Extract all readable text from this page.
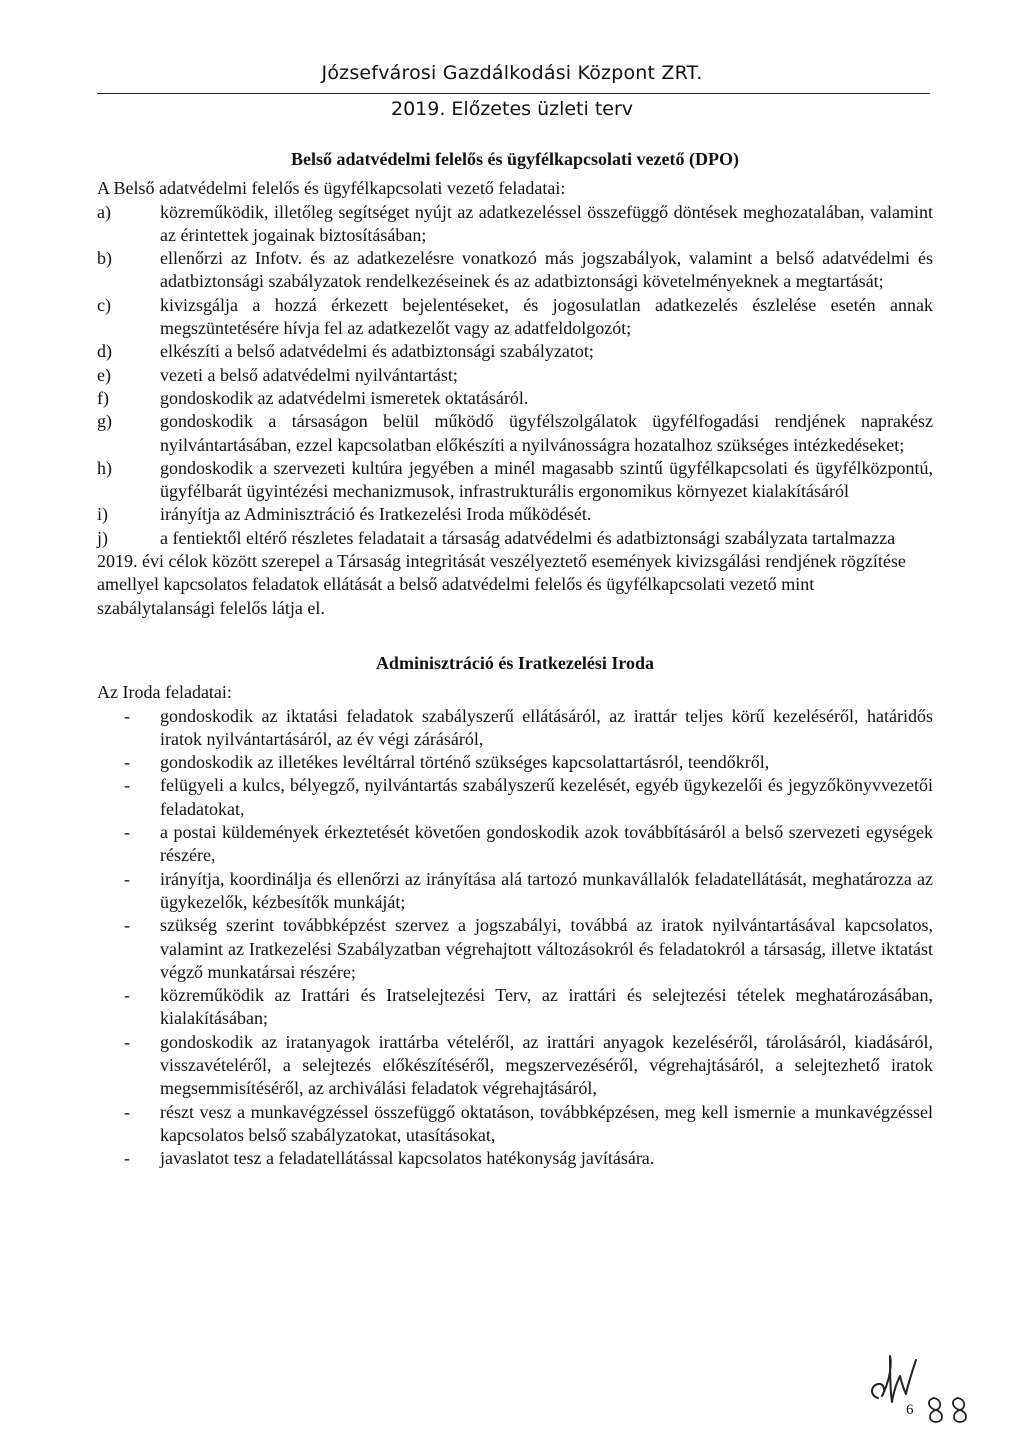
Józsefvárosi Gazdálkodási Központ ZRT.
2019. Előzetes üzleti terv
Belső adatvédelmi felelős és ügyfélkapcsolati vezető (DPO)

A Belső adatvédelmi felelős és ügyfélkapcsolati vezető feladatai:

a)	közreműködik, illetőleg segítséget nyújt az adatkezeléssel összefüggő döntések meghozatalában, valamint az érintettek jogainak biztosításában;
b)	ellenőrzi az Infotv. és az adatkezelésre vonatkozó más jogszabályok, valamint a belső adatvédelmi és adatbiztonsági szabályzatok rendelkezéseinek és az adatbiztonsági követelményeknek a megtartását;
c)	kivizsgálja a hozzá érkezett bejelentéseket, és jogosulatlan adatkezelés észlelése esetén annak megszüntetésére hívja fel az adatkezelőt vagy az adatfeldolgozót;
d)	elkészíti a belső adatvédelmi és adatbiztonsági szabályzatot;
e)	vezeti a belső adatvédelmi nyilvántartást;
f)	gondoskodik az adatvédelmi ismeretek oktatásáról.
g)	gondoskodik a társaságon belül működő ügyfélszolgálatok ügyfélfogadási rendjének naprakész nyilvántartásában, ezzel kapcsolatban előkészíti a nyilvánosságra hozatalhoz szükséges intézkedéseket;
h)	gondoskodik a szervezeti kultúra jegyében a minél magasabb szintű ügyfélkapcsolati és ügyfélközpontú, ügyfélbarát ügyintézési mechanizmusok, infrastrukturális ergonomikus környezet kialakításáról
i)	irányítja az Adminisztráció és Iratkezelési Iroda működését.
j)	a fentiektől eltérő részletes feladatait a társaság adatvédelmi és adatbiztonsági szabályzata tartalmazza

2019. évi célok között szerepel a Társaság integritását veszélyeztető események kivizsgálási rendjének rögzítése amellyel kapcsolatos feladatok ellátását a belső adatvédelmi felelős és ügyfélkapcsolati vezető mint szabálytalansági felelős látja el.

Adminisztráció és Iratkezelési Iroda

Az Iroda feladatai:

- gondoskodik az iktatási feladatok szabályszerű ellátásáról, az irattár teljes körű kezeléséről, határidős iratok nyilvántartásáról, az év végi zárásáról,
- gondoskodik az illetékes levéltárral történő szükséges kapcsolattartásról, teendőkről,
- felügyeli a kulcs, bélyegző, nyilvántartás szabályszerű kezelését, egyéb ügykezelői és jegyzőkönyvvezetői feladatokat,
- a postai küldemények érkeztetését követően gondoskodik azok továbbításáról a belső szervezeti egységek részére,
- irányítja, koordinálja és ellenőrzi az irányítása alá tartozó munkavállalók feladatellátását, meghatározza az ügykezelők, kézbesítők munkáját;
- szükség szerint továbbképzést szervez a jogszabályi, továbbá az iratok nyilvántartásával kapcsolatos, valamint az Iratkezelési Szabályzatban végrehajtott változásokról és feladatokról a társaság, illetve iktatást végző munkatársai részére;
- közreműködik az Irattári és Iratselejtezési Terv, az irattári és selejtezési tételek meghatározásában, kialakításában;
- gondoskodik az iratanyagok irattárba vételéről, az irattári anyagok kezeléséről, tárolásáról, kiadásáról, visszavételéről, a selejtezés előkészítéséről, megszervezéséről, végrehajtásáról, a selejtezhető iratok megsemmisítéséről, az archiválási feladatok végrehajtásáról,
- részt vesz a munkavégzéssel összefüggő oktatáson, továbbképzésen, meg kell ismernie a munkavégzéssel kapcsolatos belső szabályzatokat, utasításokat,
- javaslatot tesz a feladatellátással kapcsolatos hatékonyság javítására.
6
